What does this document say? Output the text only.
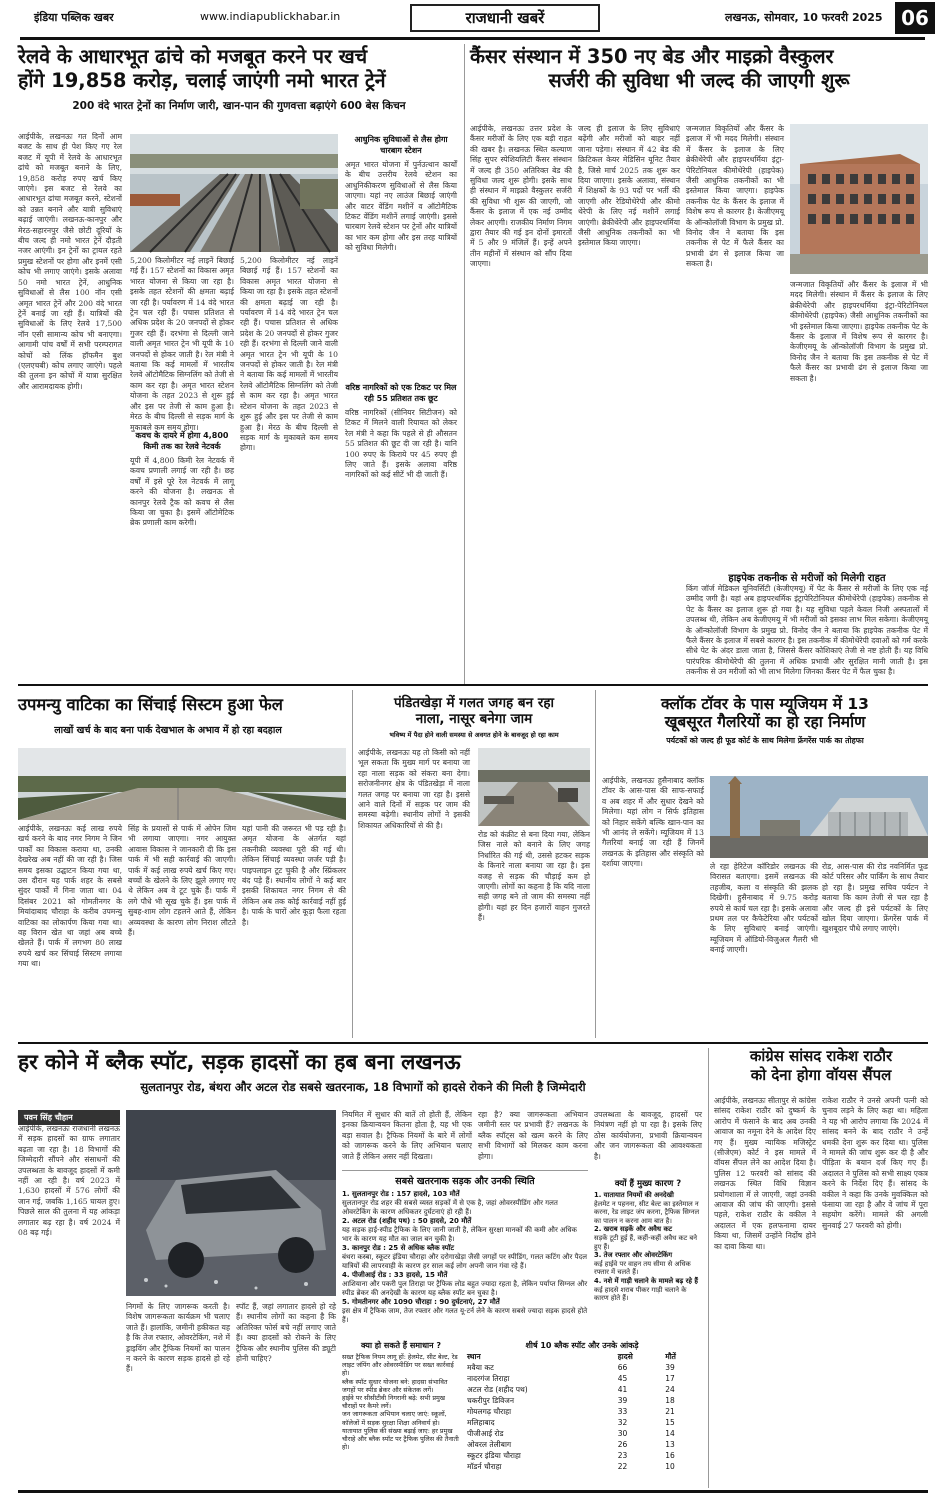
इंडिया पब्लिक खबर	www.indiapublickhabar.in	राजधानी खबरें	लखनऊ, सोमवार, 10 फरवरी 2025 06
रेलवे के आधारभूत ढांचे को मजबूत करने पर खर्च
होंगे 19,858 करोड़, चलाई जाएंगी नमो भारत ट्रेनें
200 वंदे भारत ट्रेनों का निर्माण जारी, खान-पान की गुणवत्ता बढ़ाएंगे 600 बेस किचन
आईपीके, लखनऊः गत दिनों आम बजट के साथ ही पेश किए गए रेल बजट में यूपी में रेलवे के आधारभूत ढांचे को मजबूत बनाने के लिए, 19,858 करोड़ रुपए खर्च किए जाएंगे। इस बजट से रेलवे का आधारभूत ढांचा मजबूत करने, स्टेशनों को उन्नत बनाने और यात्री सुविधाएं बढ़ाई जाएंगी। लखनऊ-कानपुर और मेरठ-सहारनपुर जैसे छोटी दूरियों के बीच जल्द ही नमो भारत ट्रेनें दौड़ती नजर आएंगी। इन ट्रेनों का ट्रायल रहते प्रमुख स्टेशनों पर होगा और इनमें एसी कोच भी लगाए जाएंगे। इसके अलावा 50 नमो भारत ट्रेनें, आधुनिक सुविधाओं से लैस 100 नॉन एसी अमृत भारत ट्रेनें और 200 वंदे भारत ट्रेनें बनाई जा रही हैं। यात्रियों की सुविधाओं के लिए रेलवे 17,500 नॉन एसी सामान्य कोच भी बनाएगा। आगामी पांच वर्षों में सभी परम्परागत कोचों को लिंक हॉफमैन बुश (एलएचबी) कोच लगाए जाएंगे। पहले की तुलना इन कोचों में यात्रा सुरक्षित और आरामदायक होगी।
5,200 किलोमीटर नई लाइनें बिछाई गई हैं। 157 स्टेशनों का विकास अमृत भारत योजना से किया जा रहा है। इसके तहत स्टेशनों की क्षमता बढ़ाई जा रही है। पर्यावरण में 14 वंदे भारत ट्रेन चल रही हैं। पचास प्रतिशत से अधिक प्रदेश के 20 जनपदों से होकर गुजर रही हैं। दरभंगा से दिल्ली जाने वाली अमृत भारत ट्रेन भी यूपी के 10 जनपदों से होकर जाती है। रेल मंत्री ने बताया कि कई मामलों में भारतीय रेलवे ऑटोमैटिक सिग्नलिंग को तेजी से काम कर रहा है। अमृत भारत स्टेशन योजना के तहत 2023 से शुरू हुई और इस पर तेजी से काम हुआ है। मेरठ के बीच दिल्ली से सड़क मार्ग के मुकाबले कम समय होगा।
कवच के दायरे में होगा 4,800 किमी तक का रेलवे नेटवर्क
यूपी में 4,800 किमी रेल नेटवर्क में कवच प्रणाली लगाई जा रही है। छह वर्षों में इसे पूरे रेल नेटवर्क में लागू करने की योजना है। लखनऊ से कानपुर रेलवे ट्रैक को कवच से लैस किया जा चुका है। इसमें ऑटोमेटिक ब्रेक प्रणाली काम करेगी।
5,200 किलोमीटर नई लाइनें बिछाई गई हैं। 157 स्टेशनों का विकास अमृत भारत योजना से किया जा रहा है। इसके तहत स्टेशनों की क्षमता बढ़ाई जा रही है। पर्यावरण में 14 वंदे भारत ट्रेन चल रही हैं। पचास प्रतिशत से अधिक प्रदेश के 20 जनपदों से होकर गुजर रही हैं। दरभंगा से दिल्ली जाने वाली अमृत भारत ट्रेन भी यूपी के 10 जनपदों से होकर जाती है। रेल मंत्री ने बताया कि कई मामलों में भारतीय रेलवे ऑटोमैटिक सिग्नलिंग को तेजी से काम कर रहा है। अमृत भारत स्टेशन योजना के तहत 2023 से शुरू हुई और इस पर तेजी से काम हुआ है। मेरठ के बीच दिल्ली से सड़क मार्ग के मुकाबले कम समय होगा।
आधुनिक सुविधाओं से लैस होगा चारबाग स्टेशन
अमृत भारत योजना में पुर्नउत्थान कार्यों के बीच उत्तरीय रेलवे स्टेशन का आधुनिकीकरण सुविधाओं से लैस किया जाएगा। यहां नए लाउंज बिछाई जाएंगी और वाटर वेंडिंग मशीनें व ऑटोमैटिक टिकट वेंडिंग मशीनें लगाई जाएंगी। इससे चारबाग रेलवे स्टेशन पर ट्रेनों और यात्रियों का भार कम होगा और इस तरह यात्रियों को सुविधा मिलेगी।
वरिष्ठ नागरिकों को एक टिकट पर मिल रही 55 प्रतिशत तक छूट
वरिष्ठ नागरिकों (सीनियर सिटीजन) को टिकट में मिलने वाली रियायत को लेकर रेल मंत्री ने कहा कि पहले से ही औसतन 55 प्रतिशत की छूट दी जा रही है। यानि 100 रुपए के किराये पर 45 रुपए ही लिए जाते हैं। इसके अलावा वरिष्ठ नागरिकों को कई सीटें भी दी जाती हैं।
कैंसर संस्थान में 350 नए बेड और माइक्रो वैस्कुलर
सर्जरी की सुविधा भी जल्द की जाएगी शुरू
आईपीके, लखनऊः उत्तर प्रदेश के कैंसर मरीजों के लिए एक बड़ी राहत की खबर है। लखनऊ स्थित कल्याण सिंह सुपर स्पेशियलिटी कैंसर संस्थान में जल्द ही 350 अतिरिक्त बेड की सुविधा जल्द शुरू होगी। इसके साथ ही संस्थान में माइक्रो वैस्कुलर सर्जरी की सुविधा भी शुरू की जाएगी, जो कैंसर के इलाज में एक नई उम्मीद लेकर आएगी। राजकीय निर्माण निगम द्वारा तैयार की गई इन दोनों इमारतों में 5 और 9 मंजिलें हैं। इन्हें अपने तीन महीनों में संस्थान को सौंप दिया जाएगा।
जल्द ही इलाज के लिए सुविधाएं बढ़ेंगी और मरीजों को बाहर नहीं जाना पड़ेगा। संस्थान में 42 बेड की क्रिटिकल केयर मेडिसिन यूनिट तैयार है, जिसे मार्च 2025 तक शुरू कर दिया जाएगा। इसके अलावा, संस्थान में शिक्षकों के 93 पदों पर भर्ती की जाएगी और रेडियोथेरेपी और कीमो थेरेपी के लिए नई मशीनें लगाई जाएंगी। ब्रेकीथेरेपी और हाइपरथर्मिया जैसी आधुनिक तकनीकों का भी इस्तेमाल किया जाएगा।
जन्मजात विकृतियों और कैंसर के इलाज में भी मदद मिलेगी। संस्थान में कैंसर के इलाज के लिए ब्रेकीथेरेपी और हाइपरथर्मिया इंट्रा-पेरिटोनियल कीमोथेरेपी (हाइपेक) जैसी आधुनिक तकनीकों का भी इस्तेमाल किया जाएगा। हाइपेक तकनीक पेट के कैंसर के इलाज में विशेष रूप से कारगर है। केजीएमयू के ऑन्कोलॉजी विभाग के प्रमुख प्रो. विनोद जैन ने बताया कि इस तकनीक से पेट में फैले कैंसर का प्रभावी ढंग से इलाज किया जा सकता है।
जन्मजात विकृतियों और कैंसर के इलाज में भी मदद मिलेगी। संस्थान में कैंसर के इलाज के लिए ब्रेकीथेरेपी और हाइपरथर्मिया इंट्रा-पेरिटोनियल कीमोथेरेपी (हाइपेक) जैसी आधुनिक तकनीकों का भी इस्तेमाल किया जाएगा। हाइपेक तकनीक पेट के कैंसर के इलाज में विशेष रूप से कारगर है। केजीएमयू के ऑन्कोलॉजी विभाग के प्रमुख प्रो. विनोद जैन ने बताया कि इस तकनीक से पेट में फैले कैंसर का प्रभावी ढंग से इलाज किया जा सकता है।
हाइपेक तकनीक से मरीजों को मिलेगी राहत
किंग जॉर्ज मेडिकल यूनिवर्सिटी (केजीएमयू) में पेट के कैंसर से मरीजों के लिए एक नई उम्मीद जगी है। यहां अब हाइपरथर्मिक इंट्रापेरिटोनियल कीमोथेरेपी (हाइपेक) तकनीक से पेट के कैंसर का इलाज शुरू हो गया है। यह सुविधा पहले केवल निजी अस्पतालों में उपलब्ध थी, लेकिन अब केजीएमयू में भी मरीजों को इसका लाभ मिल सकेगा। केजीएमयू के ऑन्कोलॉजी विभाग के प्रमुख प्रो. विनोद जैन ने बताया कि हाइपेक तकनीक पेट में फैले कैंसर के इलाज में सबसे कारगर है। इस तकनीक में कीमोथेरेपी दवाओं को गर्म करके सीधे पेट के अंदर डाला जाता है, जिससे कैंसर कोशिकाएं तेजी से नष्ट होती हैं। यह विधि पारंपरिक कीमोथेरेपी की तुलना में अधिक प्रभावी और सुरक्षित मानी जाती है। इस तकनीक से उन मरीजों को भी लाभ मिलेगा जिनका कैंसर पेट में फैल चुका है।
उपमन्यु वाटिका का सिंचाई सिस्टम हुआ फेल
लाखों खर्च के बाद बना पार्क देखभाल के अभाव में हो रहा बदहाल
आईपीके, लखनऊः कई लाख रुपये खर्च करने के बाद नगर निगम ने जिन पार्कों का विकास कराया था, उनकी देखरेख अब नहीं की जा रही है। जिस समय इसका उद्घाटन किया गया था, उस दौरान यह पार्क शहर के सबसे सुंदर पार्कों में गिना जाता था। 04 दिसंबर 2021 को गोमतीनगर के मियांदाबाद चौराहा के करीब उपमन्यु वाटिका का लोकार्पण किया गया था। वह विरान खेत था जहां अब बच्चे खेलते हैं। पार्क में लगभग 80 लाख रुपये खर्च कर सिंचाई सिस्टम लगाया गया था।
सिंह के प्रयासों से पार्क में ओपेन जिम भी लगाया जाएगा। नगर आयुक्त आवास विकास ने जानकारी दी कि इस पार्क में भी सही कार्रवाई की जाएगी। पार्क में कई लाख रुपये खर्च किए गए। बच्चों के खेलने के लिए झूले लगाए गए थे लेकिन अब वे टूट चुके हैं। पार्क में लगे पौधे भी सूख चुके हैं। इस पार्क में सुबह-शाम लोग टहलने आते हैं, लेकिन अव्यवस्था के कारण लोग निराश लौटते हैं।
यहां पानी की जरूरत भी पड़ रही है। अमृत योजना के अंतर्गत यहां तकनीकी व्यवस्था पूरी की गई थी। लेकिन सिंचाई व्यवस्था जर्जर पड़ी है। पाइपलाइन टूट चुकी है और स्प्रिंकलर बंद पड़े हैं। स्थानीय लोगों ने कई बार इसकी शिकायत नगर निगम से की लेकिन अब तक कोई कार्रवाई नहीं हुई है। पार्क के चारों ओर कूड़ा फैला रहता है।
पंडितखेड़ा में गलत जगह बन रहा
नाला, नासूर बनेगा जाम
भविष्य में पैदा होने वाली समस्या से अवगत होने के बावजूद हो रहा काम
आईपीके, लखनऊः यह तो किसी को नहीं भूल सकता कि मुख्य मार्ग पर बनाया जा रहा नाला सड़क को संकरा बना देगा। सरोजनीनगर क्षेत्र के पंडितखेड़ा में नाला गलत जगह पर बनाया जा रहा है। इससे आने वाले दिनों में सड़क पर जाम की समस्या बढ़ेगी। स्थानीय लोगों ने इसकी शिकायत अधिकारियों से की है।
रोड को कंक्रीट से बना दिया गया, लेकिन जिस नाले को बनाने के लिए जगह निर्धारित की गई थी, उससे हटकर सड़क के किनारे नाला बनाया जा रहा है। इस वजह से सड़क की चौड़ाई कम हो जाएगी। लोगों का कहना है कि यदि नाला सही जगह बने तो जाम की समस्या नहीं होगी। यहां हर दिन हजारों वाहन गुजरते हैं।
क्लॉक टॉवर के पास म्यूजियम में 13
खूबसूरत गैलरियों का हो रहा निर्माण
पर्यटकों को जल्द ही फूड कोर्ट के साथ मिलेगा फ्रेंगरेंस पार्क का तोहफा
आईपीके, लखनऊः हुसैनाबाद क्लॉक टॉवर के आस-पास की साफ-सफाई व अब शहर में और सुधार देखने को मिलेगा। यहां लोग न सिर्फ इतिहास को निहार सकेंगे बल्कि खान-पान का भी आनंद ले सकेंगे। म्यूजियम में 13 गैलरियां बनाई जा रही हैं जिनमें लखनऊ के इतिहास और संस्कृति को दर्शाया जाएगा।	ले रहा हेरिटेज कॉरिडोर लखनऊ की विरासत बताएगा। इसमें लखनऊ की तहजीब, कला व संस्कृति की झलक दिखेगी। हुसैनाबाद में 9.75 करोड़ रुपये से कार्य चल रहा है। इसके अलावा प्रथम तल पर कैफेटेरिया और पर्यटकों के लिए सुविधाएं बनाई जाएंगी। म्यूजियम में ऑडियो-विजुअल गैलरी भी बनाई जाएगी।
रोड, आस-पास की रोड नवनिर्मित फूड कोर्ट परिसर और पार्किंग के साथ तैयार हो रहा है। प्रमुख सचिव पर्यटन ने बताया कि काम तेजी से चल रहा है और जल्द ही इसे पर्यटकों के लिए खोल दिया जाएगा। फ्रेंगरेंस पार्क में खुशबूदार पौधे लगाए जाएंगे।
हर कोने में ब्लैक स्पॉट, सड़क हादसों का हब बना लखनऊ
सुलतानपुर रोड, बंथरा और अटल रोड सबसे खतरनाक, 18 विभागों को हादसे रोकने की मिली है जिम्मेदारी
पवन सिंह चौहान
आईपीके, लखनऊः राजधानी लखनऊ में सड़क हादसों का ग्राफ लगातार बढ़ता जा रहा है। 18 विभागों की जिम्मेदारी सौंपने और संसाधनों की उपलब्धता के बावजूद हादसों में कमी नहीं आ रही है। वर्ष 2023 में 1,630 हादसों में 576 लोगों की जान गई, जबकि 1,165 घायल हुए। पिछले साल की तुलना में यह आंकड़ा लगातार बढ़ रहा है। वर्ष 2024 में 08 बढ़ गई।
निगमों के लिए जागरूक करती है। विशेष जागरूकता कार्यक्रम भी चलाए जाते हैं। हालांकि, जमीनी हकीकत यह है कि तेज रफ्तार, ओवरटेकिंग, नशे में ड्राइविंग और ट्रैफिक नियमों का पालन न करने के कारण सड़क हादसे हो रहे हैं।
स्पॉट हैं, जहां लगातार हादसे हो रहे हैं। स्थानीय लोगों का कहना है कि अतिरिक्त फोर्स बचे नहीं लगाए जाते हैं। क्या हादसों को रोकने के लिए ट्रैफिक और स्थानीय पुलिस की ड्यूटी होनी चाहिए?
नियमित में सुधार की बातें तो होती हैं, लेकिन इनका क्रियान्वयन कितना होता है, यह भी एक बड़ा सवाल है। ट्रैफिक नियमों के बारे में लोगों को जागरूक करने के लिए अभियान चलाए जाते हैं लेकिन असर नहीं दिखता।
रहा है? क्या जागरूकता अभियान जमीनी स्तर पर प्रभावी हैं? लखनऊ के ब्लैक स्पॉट्स को खत्म करने के लिए सभी विभागों को मिलकर काम करना होगा।
सबसे खतरनाक सड़क और उनकी स्थिति
1. सुलतानपुर रोड : 157 हादसे, 103 मौतें
सुलतानपुर रोड शहर की सबसे व्यस्त सड़कों में से एक है, जहां ओवरस्पीडिंग और गलत ओवरटेकिंग के कारण अधिकतर दुर्घटनाएं हो रही हैं।
2. अटल रोड (शहीद पथ) : 50 हादसे, 20 मौतें
यह सड़क हाई-स्पीड ट्रैफिक के लिए जानी जाती है, लेकिन सुरक्षा मानकों की कमी और अधिक भार के कारण यह मौत का जाल बन चुकी है।
3. कानपुर रोड : 25 से अधिक ब्लैक स्पॉट
बंथरा कस्बा, स्कूटर इंडिया चौराहा और दरोगाखेड़ा जैसी जगहों पर स्पीडिंग, गलत कटिंग और पैदल यात्रियों की लापरवाही के कारण हर साल कई लोग अपनी जान गंवा रहे हैं।
4. पीजीआई रोड : 33 हादसे, 15 मौतें
आशियाना और पकरी पुल तिराहा पर ट्रैफिक लोड बहुत ज्यादा रहता है, लेकिन पर्याप्त सिग्नल और स्पीड ब्रेकर की अनदेखी के कारण यह ब्लैक स्पॉट बन चुका है।
5. गोमतीनगर और 1090 चौराहा : 90 दुर्घटनाएं, 27 मौतें
इस क्षेत्र में ट्रैफिक जाम, तेज रफ्तार और गलत यू-टर्न लेने के कारण सबसे ज्यादा सड़क हादसे होते हैं।
क्या हो सकते हैं समाधान ?
सख्त ट्रैफिक नियम लागू हों: हेलमेट, सीट बेल्ट, रेड लाइट जंपिंग और ओवरस्पीडिंग पर सख्त कार्रवाई हो।
ब्लैक स्पॉट सुधार योजना बने: हादसा संभावित जगहों पर स्पीड ब्रेकर और संकेतक लगें।
हाईवे पर सीसीटीवी निगरानी बढ़े: सभी प्रमुख चौराहों पर कैमरे लगें।
जन जागरूकता अभियान चलाए जाएं: स्कूलों, कॉलेजों में सड़क सुरक्षा शिक्षा अनिवार्य हो।
यातायात पुलिस की संख्या बढ़ाई जाए: हर प्रमुख चौराहे और ब्लैक स्पॉट पर ट्रैफिक पुलिस की तैनाती हो।
शीर्ष 10 ब्लैक स्पॉट और उनके आंकड़े
स्थान	हादसे	मौतें
मवैया कट	66	39
नादरगंज तिराहा	45	17
अटल रोड (शहीद पथ)	41	24
चकरीपुर डिविजन	39	18
गोयलगढ़ चौराहा	33	21
मलिहाबाद	32	15
पीजीआई रोड	30	14
ओवरल तेलीबाग	26	13
स्कूटर इंडिया चौराहा	23	16
मॉडर्न चौराहा	22	10
उपलब्धता के बावजूद, हादसों पर नियंत्रण नहीं हो पा रहा है। इसके लिए ठोस कार्ययोजना, प्रभावी क्रियान्वयन और जन जागरूकता की आवश्यकता है।
क्यों हैं मुख्य कारण ?
1. यातायात नियमों की अनदेखी
हेलमेट न पहनना, सीट बेल्ट का इस्तेमाल न करना, रेड लाइट जंप करना, ट्रैफिक सिग्नल का पालन न करना आम बात है।
2. खराब सड़कें और अवैध कट
सड़कें टूटी हुई हैं, कहीं-कहीं अवैध कट बने हुए हैं।
3. तेज रफ्तार और ओवरटेकिंग
कई हाईवे पर वाहन तय सीमा से अधिक रफ्तार में चलते हैं।
4. नशे में गाड़ी चलाने के मामले बढ़ रहे हैं
कई हादसे शराब पीकर गाड़ी चलाने के कारण होते हैं।
कांग्रेस सांसद राकेश राठौर
को देना होगा वॉयस सैंपल
आईपीके, लखनऊः सीतापुर से कांग्रेस सांसद राकेश राठौर को दुष्कर्म के आरोप में फंसाने के बाद अब उनकी आवाज का नमूना देने के आदेश दिए गए हैं। मुख्य न्यायिक मजिस्ट्रेट (सीजेएम) कोर्ट ने इस मामले में वॉयस सैंपल लेने का आदेश दिया है। पुलिस 12 फरवरी को सांसद की लखनऊ स्थित विधि विज्ञान प्रयोगशाला में ले जाएगी, जहां उनकी आवाज की जांच की जाएगी। इससे पहले, राकेश राठौर के वकील ने अदालत में एक हलफनामा दायर किया था, जिसमें उन्होंने निर्दोष होने का दावा किया था।
राकेश राठौर ने उनसे अपनी पत्नी को चुनाव लड़ने के लिए कहा था। महिला ने यह भी आरोप लगाया कि 2024 में सांसद बनने के बाद राठौर ने उन्हें धमकी देना शुरू कर दिया था। पुलिस ने मामले की जांच शुरू कर दी है और पीड़िता के बयान दर्ज किए गए हैं। अदालत ने पुलिस को सभी साक्ष्य एकत्र करने के निर्देश दिए हैं। सांसद के वकील ने कहा कि उनके मुवक्किल को फंसाया जा रहा है और वे जांच में पूरा सहयोग करेंगे। मामले की अगली सुनवाई 27 फरवरी को होगी।
